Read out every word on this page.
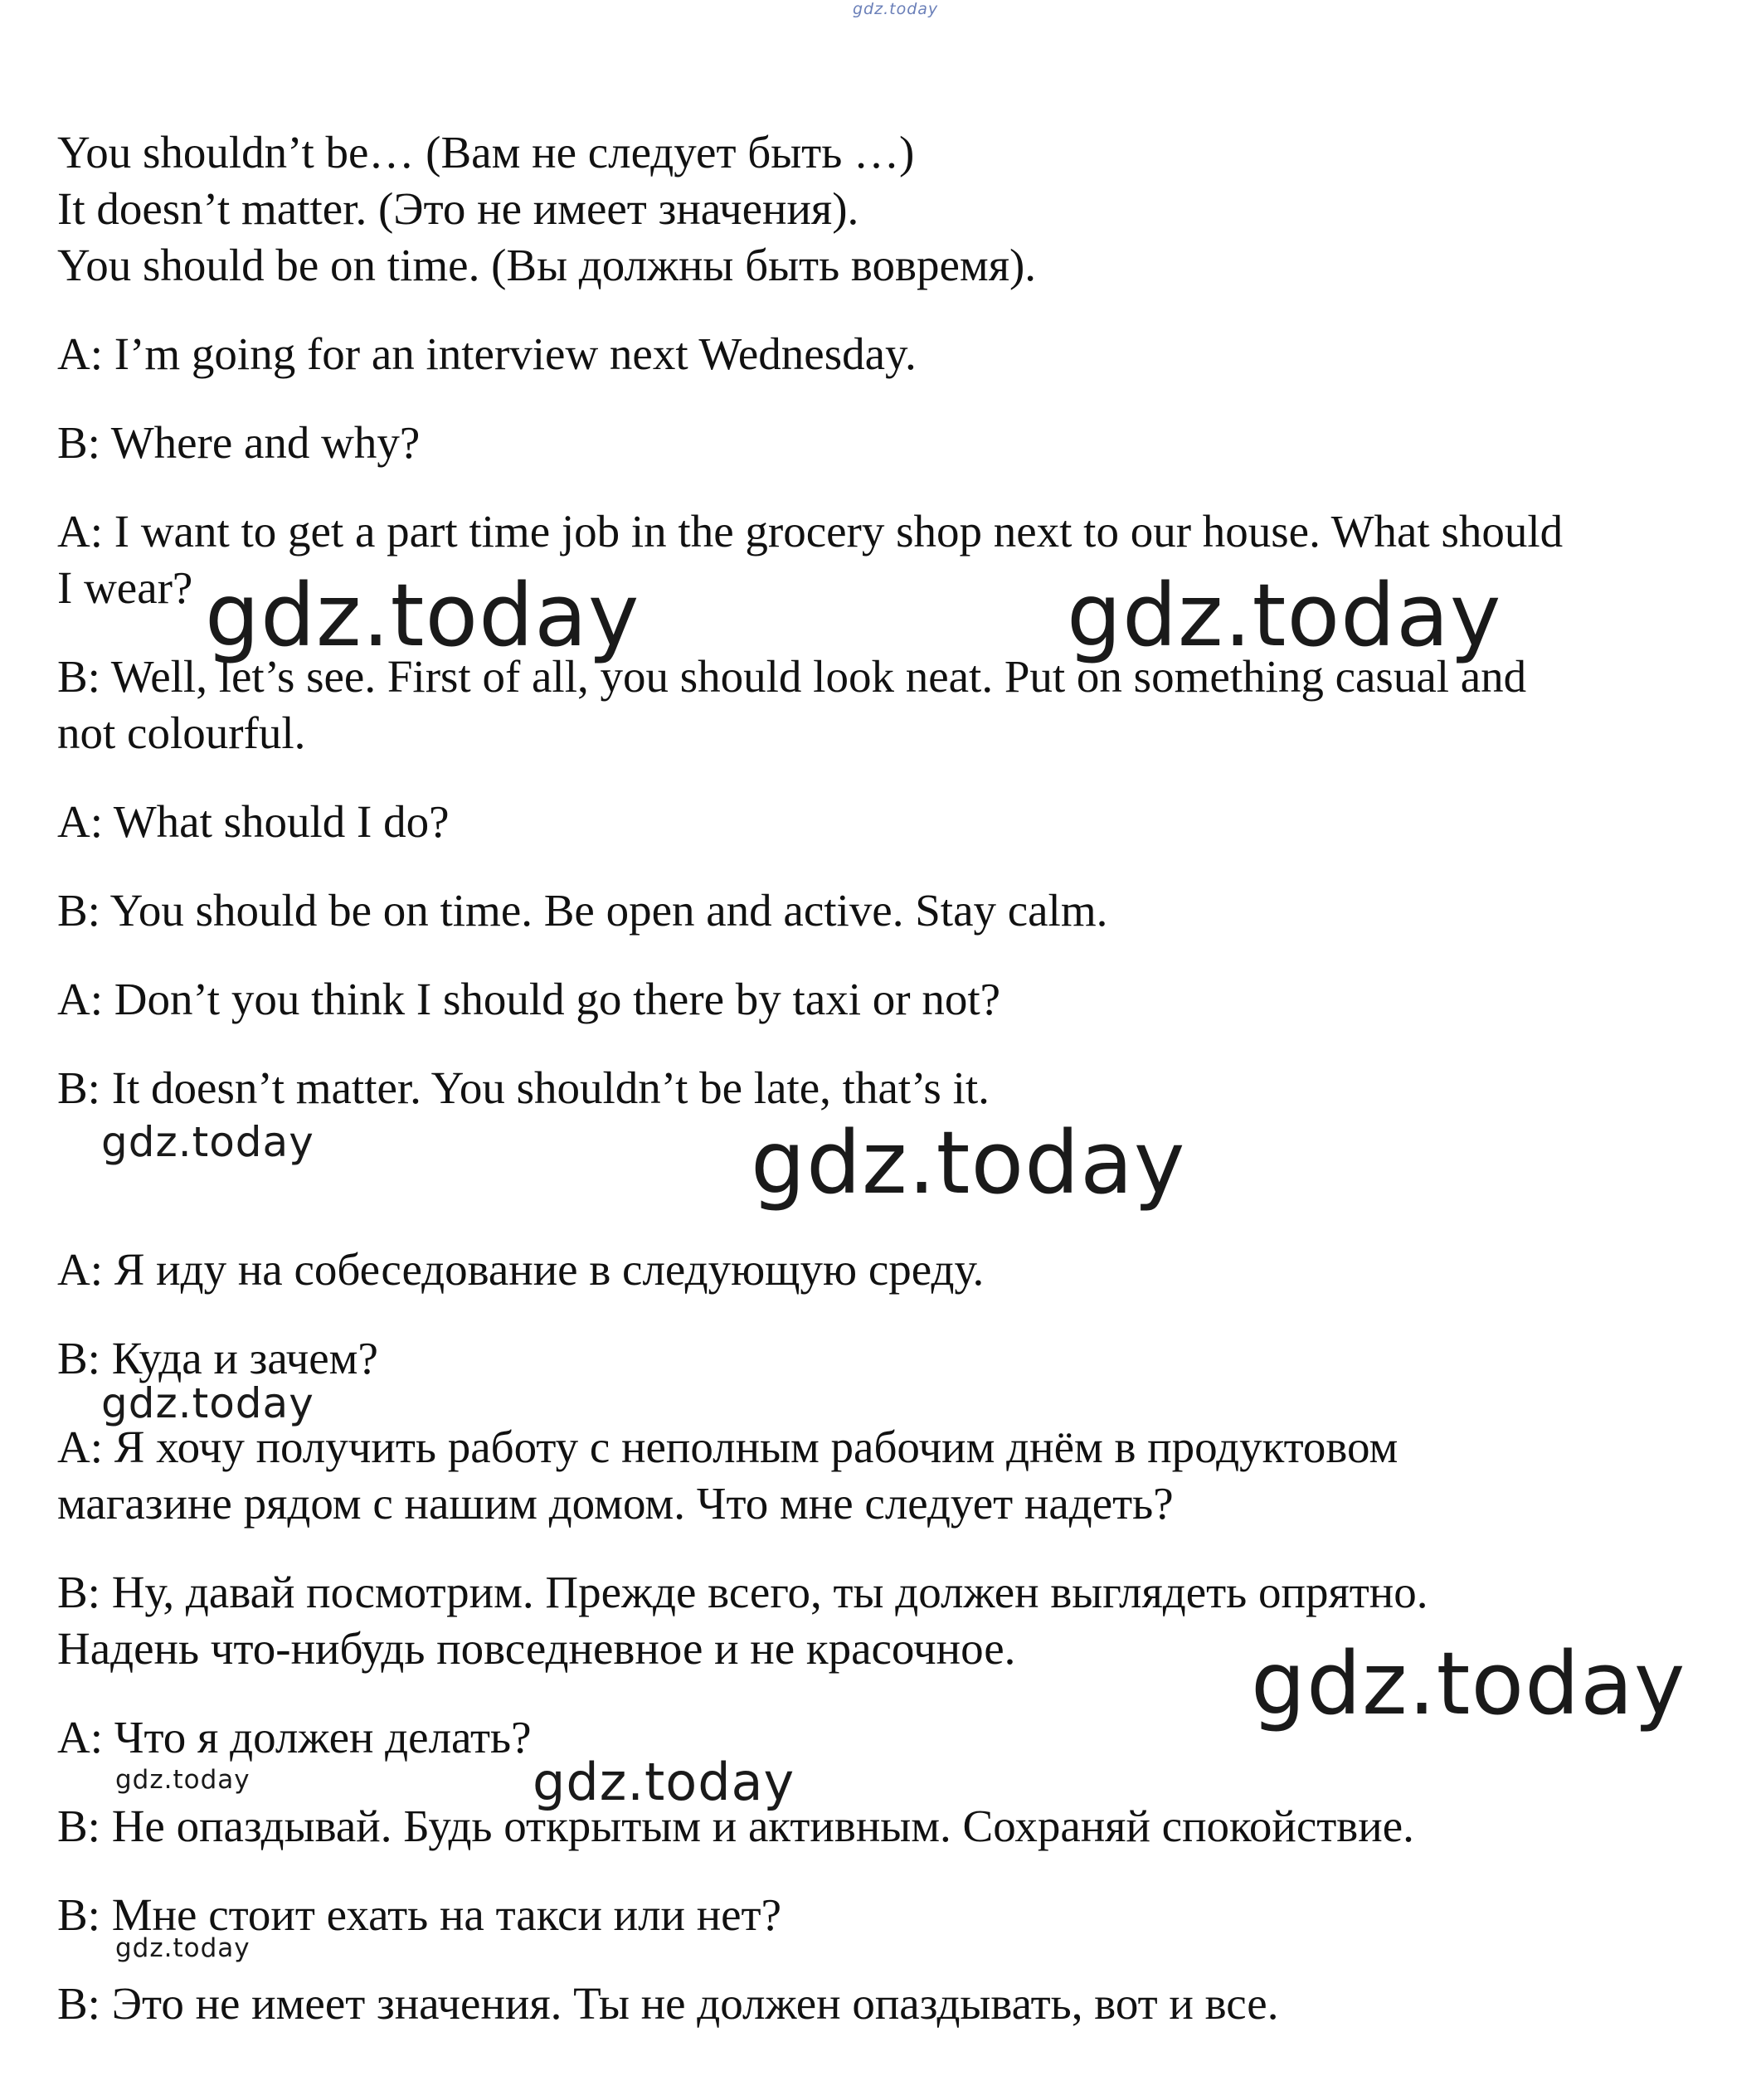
gdz.today

You shouldn’t be… (Вам не следует быть …)

It doesn’t matter. (Это не имеет значения).

You should be on time. (Вы должны быть вовремя).

A: I’m going for an interview next Wednesday.

B: Where and why?

A: I want to get a part time job in the grocery shop next to our house. What should

I wear?

B: Well, let’s see. First of all, you should look neat. Put on something casual and

not colourful.

A: What should I do?

B: You should be on time. Be open and active. Stay calm.

A: Don’t you think I should go there by taxi or not?

B: It doesn’t matter. You shouldn’t be late, that’s it.

A: Я иду на собеседование в следующую среду.

B: Куда и зачем?

A: Я хочу получить работу с неполным рабочим днём в продуктовом

магазине рядом с нашим домом. Что мне следует надеть?

B: Ну, давай посмотрим. Прежде всего, ты должен выглядеть опрятно.

Надень что-нибудь повседневное и не красочное.

A: Что я должен делать?

B: Не опаздывай. Будь открытым и активным. Сохраняй спокойствие.

B: Мне стоит ехать на такси или нет?

B: Это не имеет значения. Ты не должен опаздывать, вот и все.

gdz.today	gdz.today
gdz.today	gdz.today
gdz.today
gdz.today
gdz.today	gdz.today
gdz.today
